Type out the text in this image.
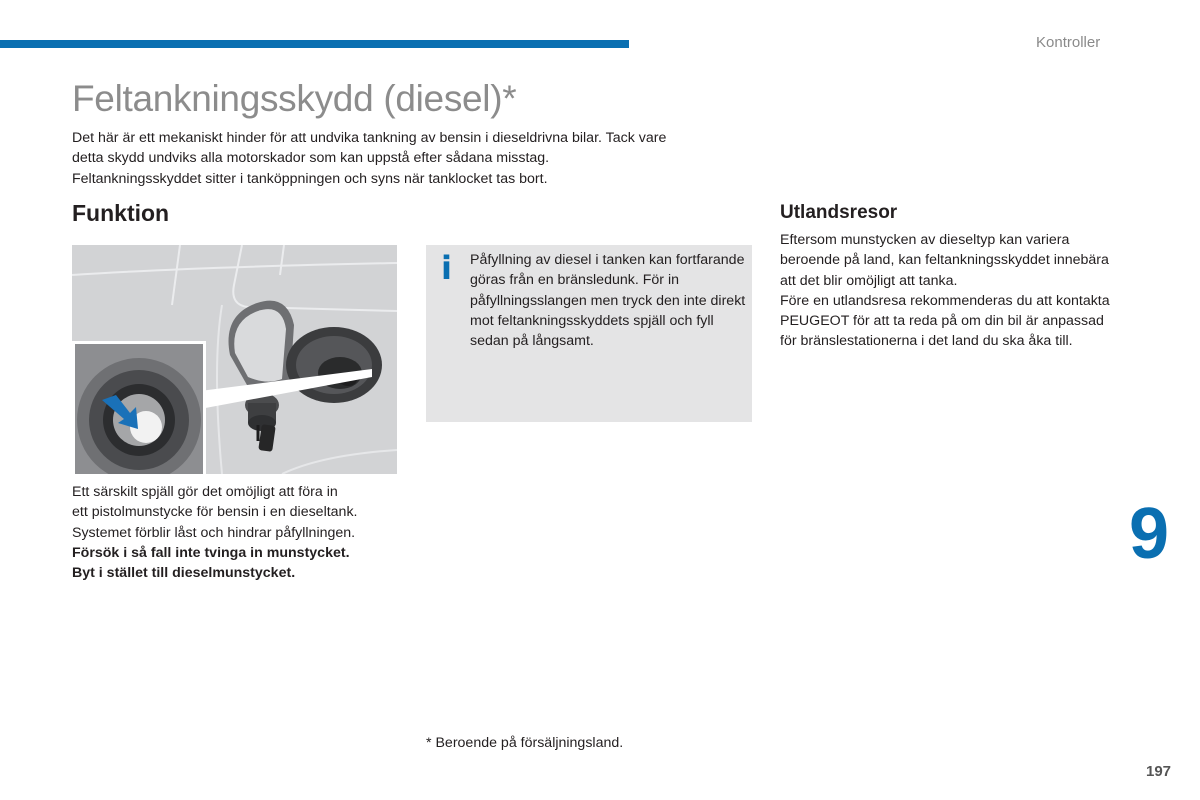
Kontroller
Feltankningsskydd (diesel)*

Det här är ett mekaniskt hinder för att undvika tankning av bensin i dieseldrivna bilar. Tack vare

detta skydd undviks alla motorskador som kan uppstå efter sådana misstag.

Feltankningsskyddet sitter i tanköppningen och syns när tanklocket tas bort.

Funktion

Ett särskilt spjäll gör det omöjligt att föra in

ett pistolmunstycke för bensin i en dieseltank.

Systemet förblir låst och hindrar påfyllningen.

Försök i så fall inte tvinga in munstycket.

Byt i stället till dieselmunstycket.

i Påfyllning av diesel i tanken kan fortfarande göras från en bränsledunk. För in påfyllningsslangen men tryck den inte direkt mot feltankningsskyddets spjäll och fyll sedan på långsamt.

Utlandsresor

Eftersom munstycken av dieseltyp kan variera beroende på land, kan feltankningsskyddet innebära att det blir omöjligt att tanka.

Före en utlandsresa rekommenderas du att kontakta PEUGEOT för att ta reda på om din bil är anpassad för bränslestationerna i det land du ska åka till.

9
* Beroende på försäljningsland.
197
